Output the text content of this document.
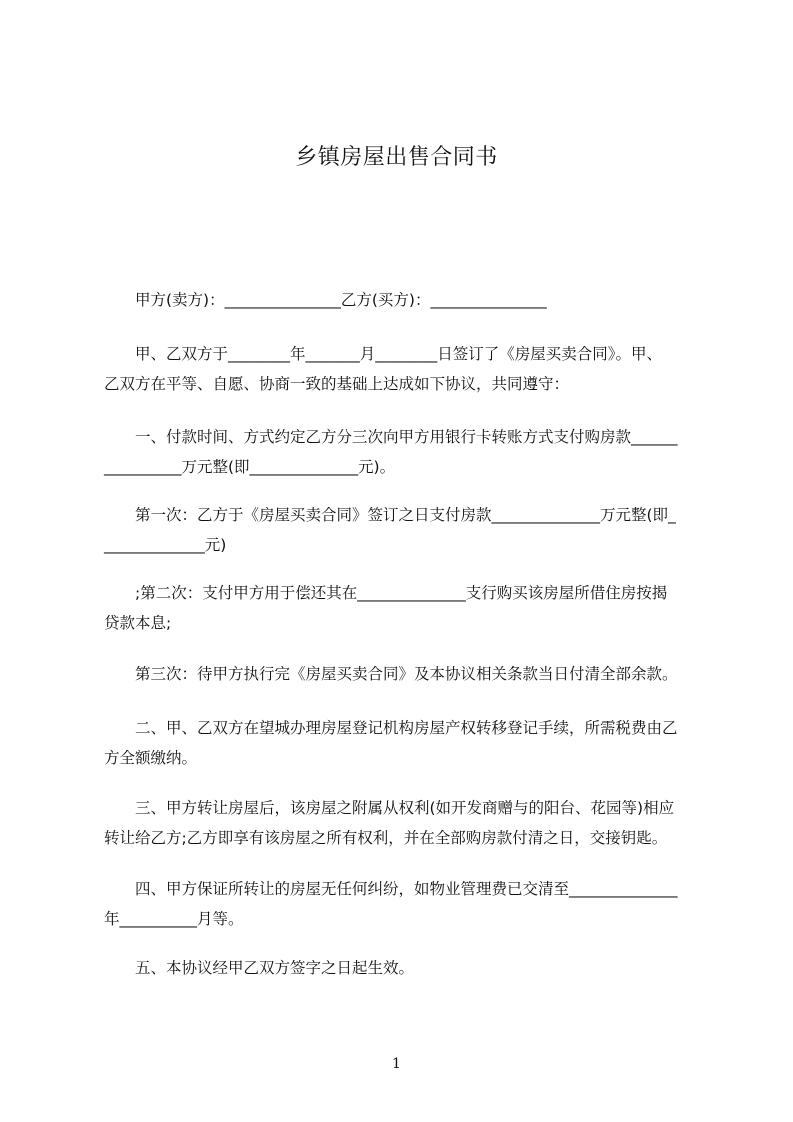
乡镇房屋出售合同书
甲方(卖方)：_______________乙方(买方)：_______________
甲、乙双方于________年_______月________日签订了《房屋买卖合同》。甲、
乙双方在平等、自愿、协商一致的基础上达成如下协议，共同遵守：
一、付款时间、方式约定乙方分三次向甲方用银行卡转账方式支付购房款______
__________万元整(即______________元)。
第一次：乙方于《房屋买卖合同》签订之日支付房款______________万元整(即_
_____________元)
;第二次：支付甲方用于偿还其在______________支行购买该房屋所借住房按揭
贷款本息;
第三次：待甲方执行完《房屋买卖合同》及本协议相关条款当日付清全部余款。
二、甲、乙双方在望城办理房屋登记机构房屋产权转移登记手续，所需税费由乙
方全额缴纳。
三、甲方转让房屋后，该房屋之附属从权利(如开发商赠与的阳台、花园等)相应
转让给乙方;乙方即享有该房屋之所有权利，并在全部购房款付清之日，交接钥匙。
四、甲方保证所转让的房屋无任何纠纷，如物业管理费已交清至______________
年__________月等。
五、本协议经甲乙双方签字之日起生效。
1
